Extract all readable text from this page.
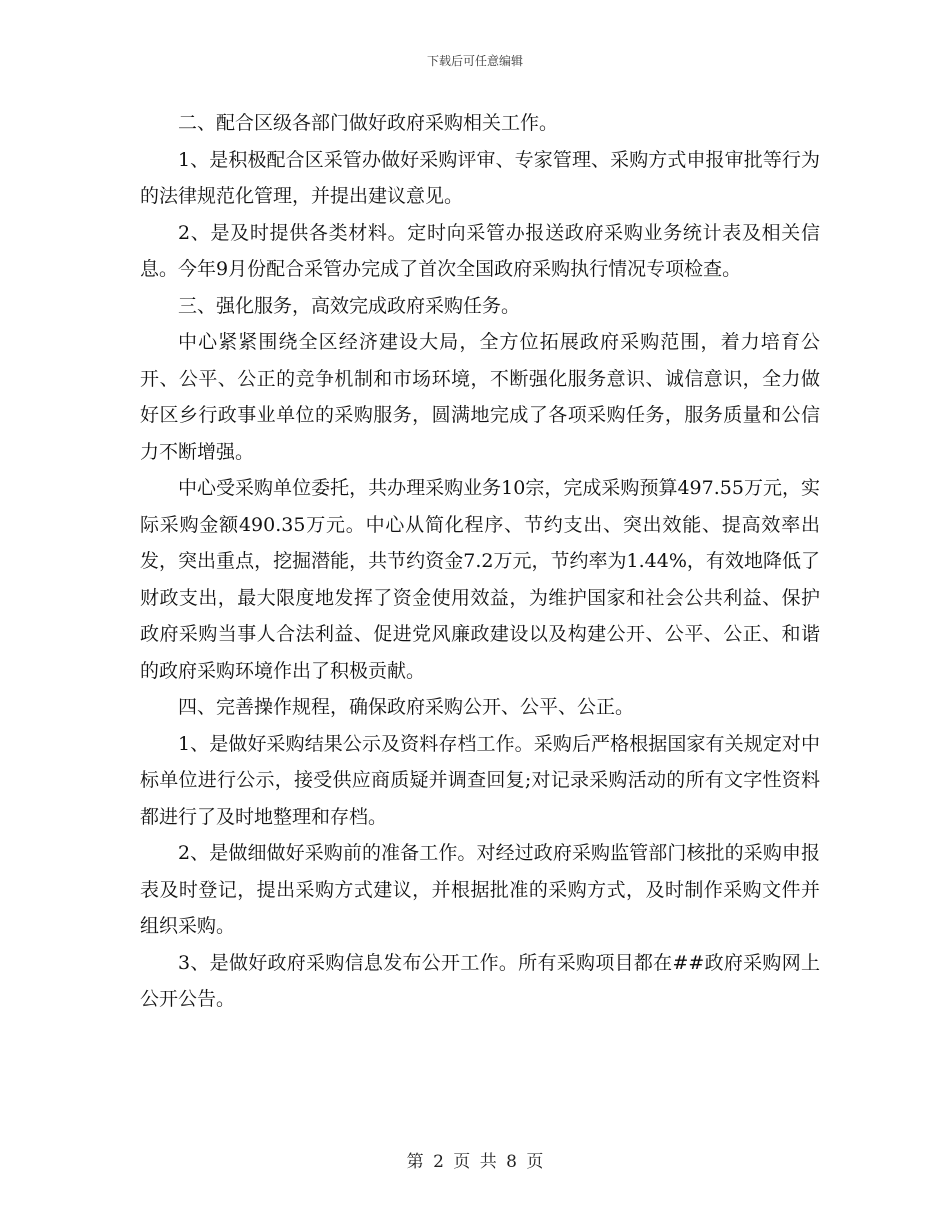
下载后可任意编辑

二、配合区级各部门做好政府采购相关工作。

1、是积极配合区采管办做好采购评审、专家管理、采购方式申报审批等行为的法律规范化管理，并提出建议意见。

2、是及时提供各类材料。定时向采管办报送政府采购业务统计表及相关信息。今年9月份配合采管办完成了首次全国政府采购执行情况专项检查。

三、强化服务，高效完成政府采购任务。

中心紧紧围绕全区经济建设大局，全方位拓展政府采购范围，着力培育公开、公平、公正的竞争机制和市场环境，不断强化服务意识、诚信意识，全力做好区乡行政事业单位的采购服务，圆满地完成了各项采购任务，服务质量和公信力不断增强。

中心受采购单位委托，共办理采购业务10宗，完成采购预算497.55万元，实际采购金额490.35万元。中心从简化程序、节约支出、突出效能、提高效率出发，突出重点，挖掘潜能，共节约资金7.2万元，节约率为1.44%，有效地降低了财政支出，最大限度地发挥了资金使用效益，为维护国家和社会公共利益、保护政府采购当事人合法利益、促进党风廉政建设以及构建公开、公平、公正、和谐的政府采购环境作出了积极贡献。

四、完善操作规程，确保政府采购公开、公平、公正。

1、是做好采购结果公示及资料存档工作。采购后严格根据国家有关规定对中标单位进行公示，接受供应商质疑并调查回复;对记录采购活动的所有文字性资料都进行了及时地整理和存档。

2、是做细做好采购前的准备工作。对经过政府采购监管部门核批的采购申报表及时登记，提出采购方式建议，并根据批准的采购方式，及时制作采购文件并组织采购。

3、是做好政府采购信息发布公开工作。所有采购项目都在##政府采购网上公开公告。

第 2 页 共 8 页
